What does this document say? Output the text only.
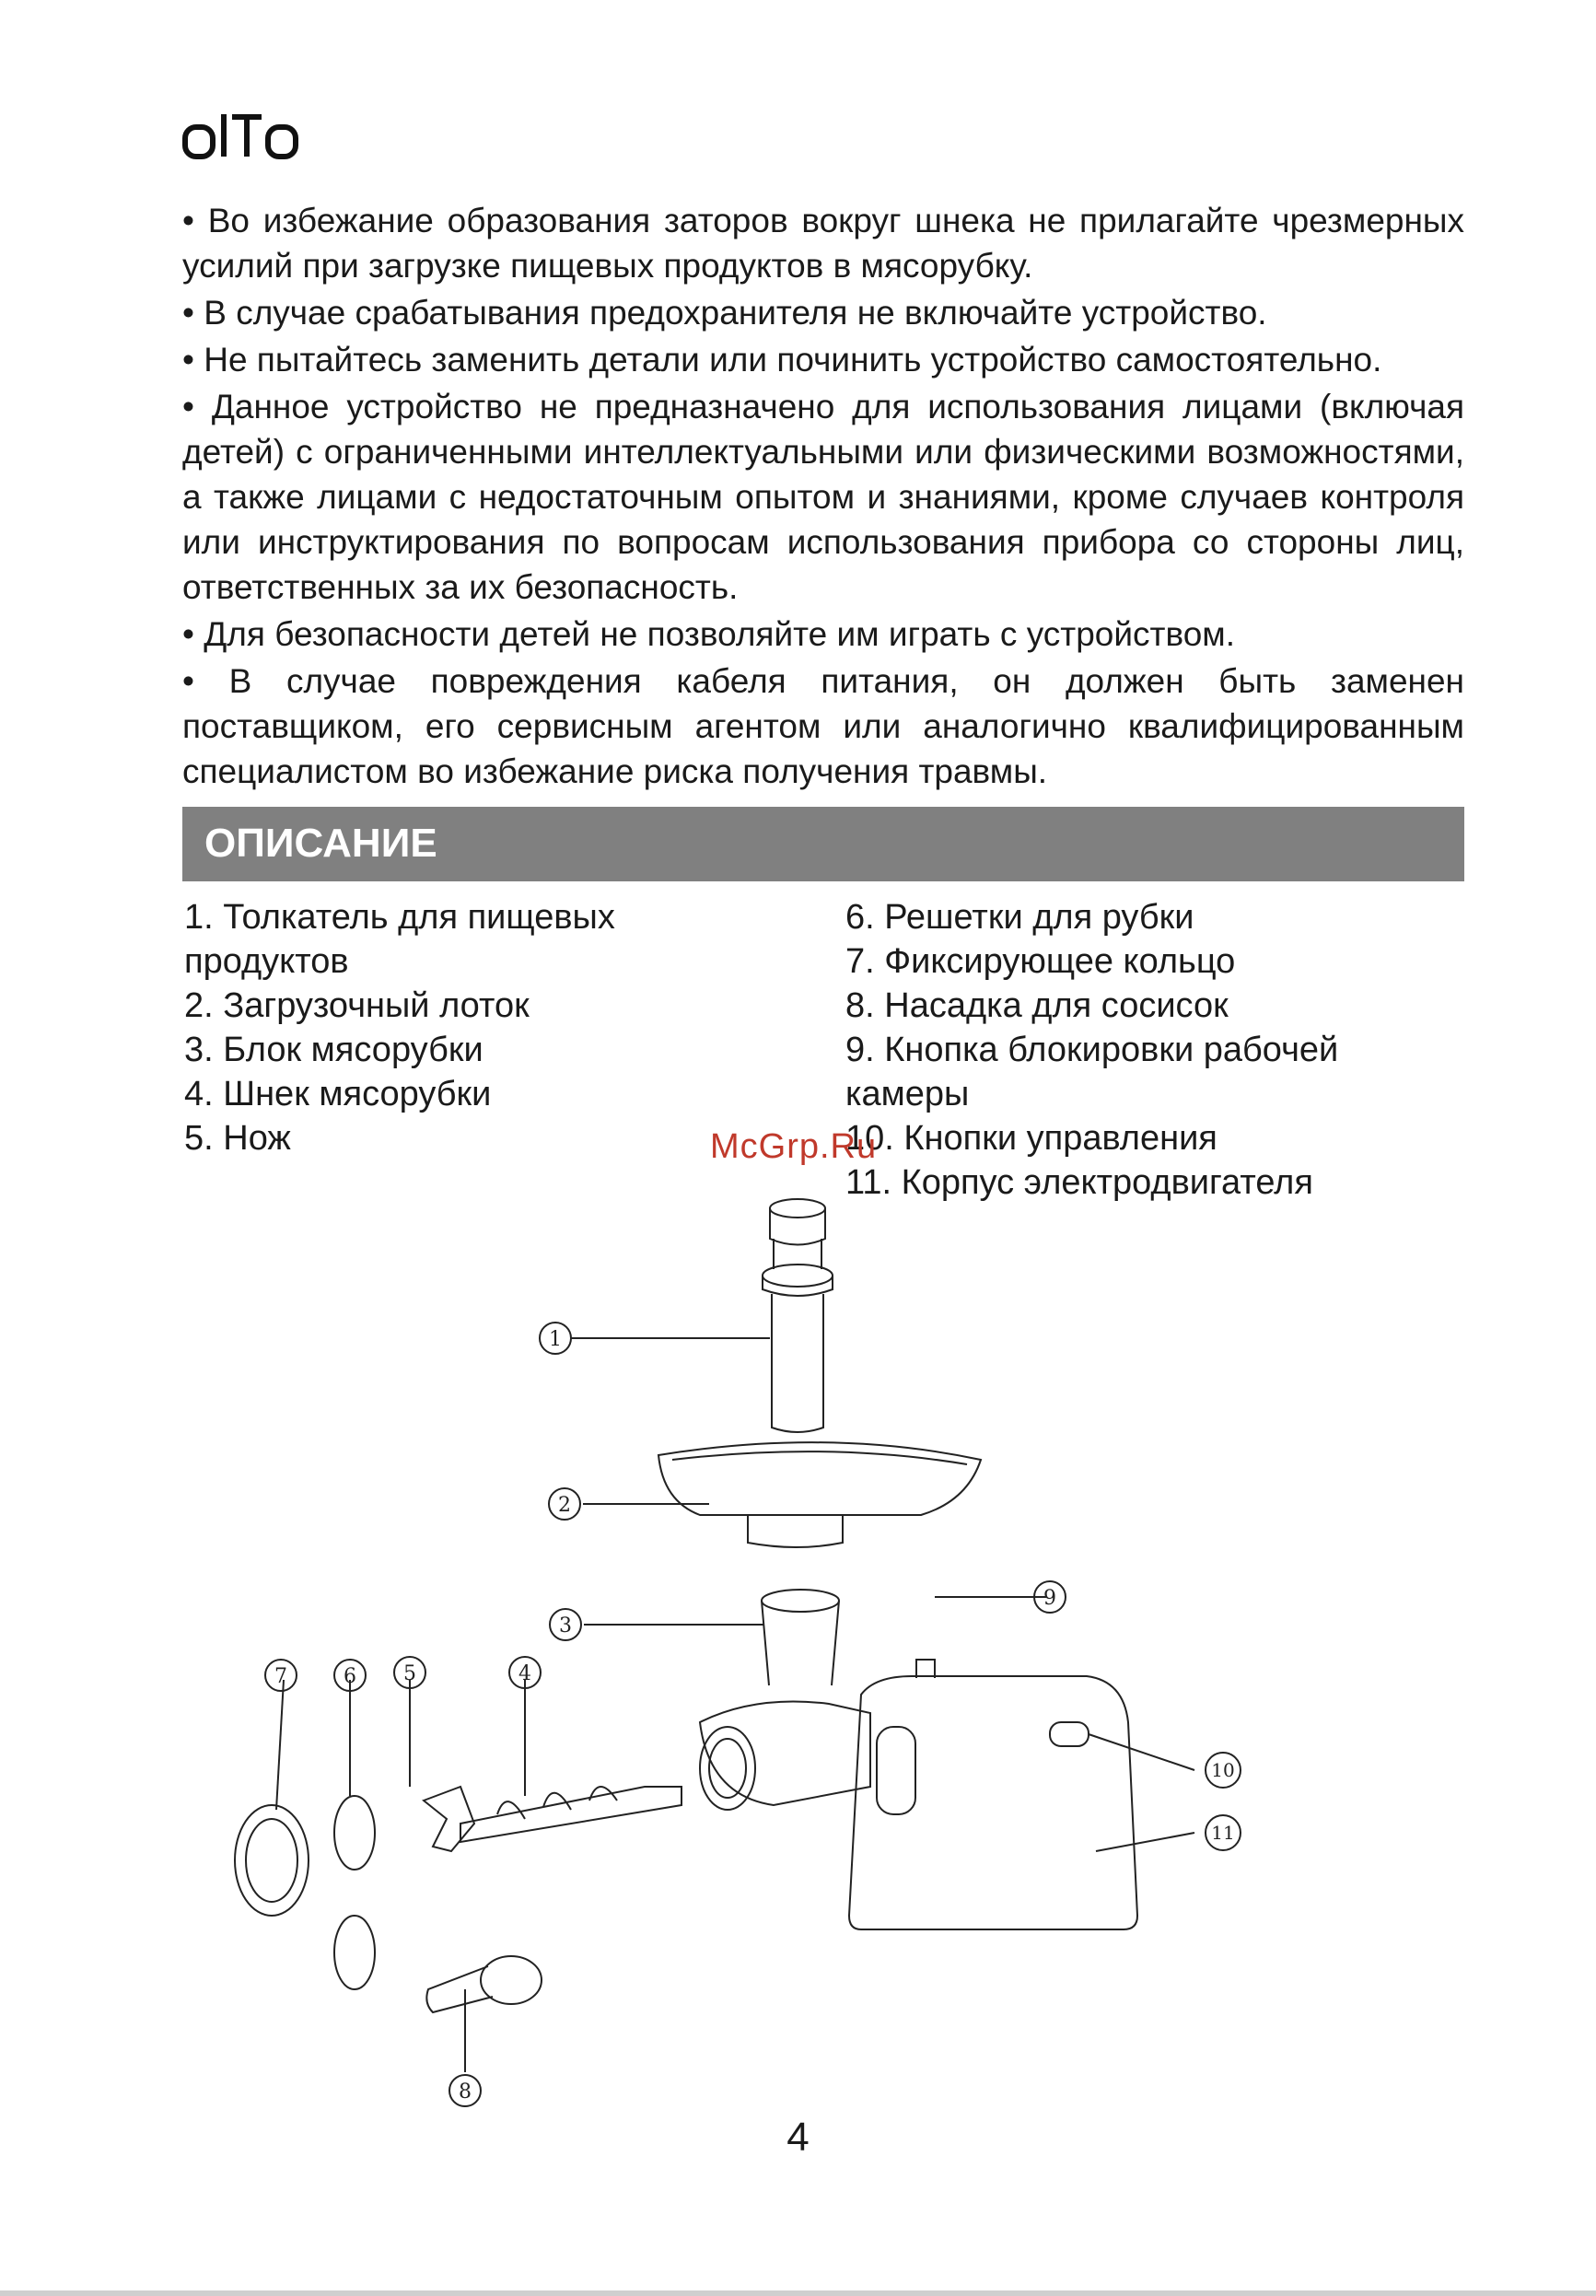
• Во избежание образования заторов вокруг шнека не прилагайте чрезмерных усилий при загрузке пищевых продуктов в мясорубку.

• В случае срабатывания предохранителя не включайте устройство.

• Не пытайтесь заменить детали или починить устройство самостоятельно.

• Данное устройство не предназначено для использования лицами (включая детей) с ограниченными интеллектуальными или физическими возможностями, а также лицами с недостаточным опытом и знаниями, кроме случаев контроля или инструктирования по вопросам использования прибора со стороны лиц, ответственных за их безопасность.

• Для безопасности детей не позволяйте им играть с устройством.

• В случае повреждения кабеля питания, он должен быть заменен поставщиком, его сервисным агентом или аналогично квалифицированным специалистом во избежание риска получения травмы.

ОПИСАНИЕ
1. Толкатель для пищевых продуктов
2. Загрузочный лоток
3. Блок мясорубки
4. Шнек мясорубки
5. Нож
6. Решетки для рубки
7. Фиксирующее кольцо
8. Насадка для сосисок
9. Кнопка блокировки рабочей камеры
10. Кнопки управления
11. Корпус электродвигателя
McGrp.Ru
1
2
3
4
5
6
7
8
9
10
11
4
